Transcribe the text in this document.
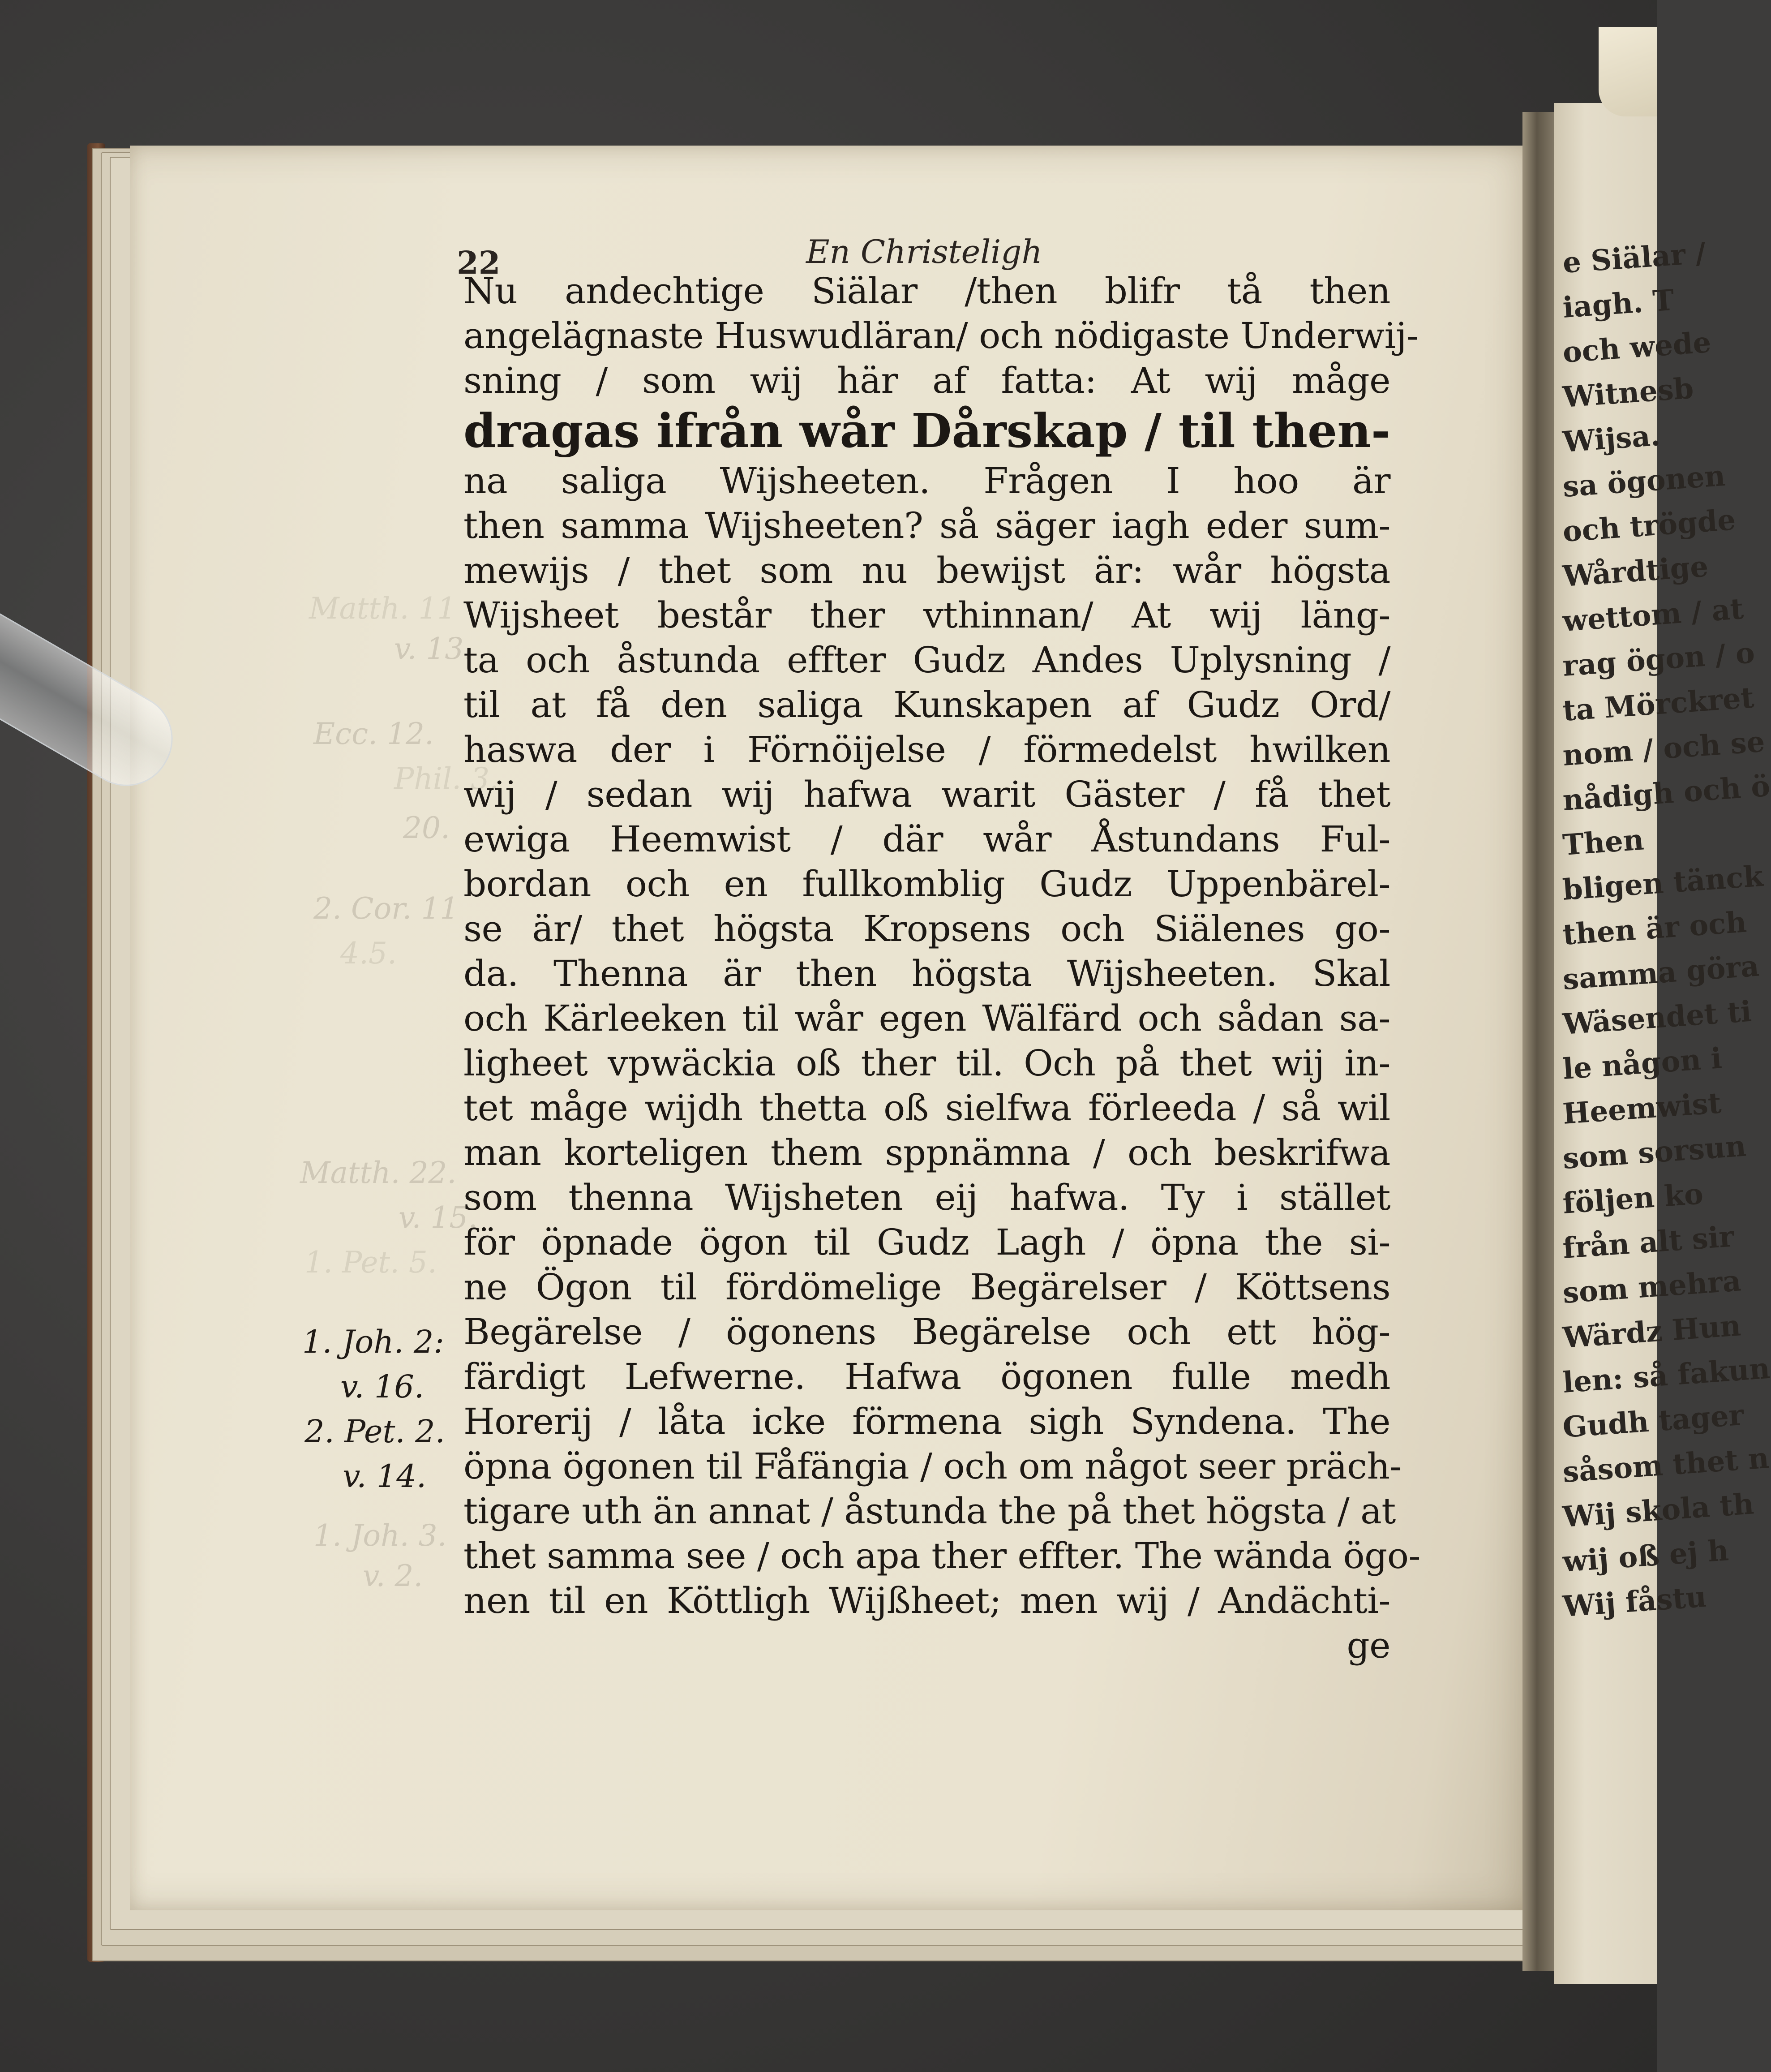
e Siälar /
iagh. T
och wede
Witnesb
Wijsa.
sa ögonen
och trögde
Wårdtige
wettom / at
rag ögon / o
ta Mörckret
nom / och se
nådigh och ö
Then
bligen tänck
then är och
samma göra
Wäsendet ti
le någon i
Heemwist
som sorsun
följen ko
från alt sir
som mehra
Wärdz Hun
len: så fakun
Gudh tager
såsom thet n
Wij skola th
wij oß ej h
Wij fåstu
Matth. 11
v. 13.
Ecc. 12.
Phil. 3.
20.
2. Cor. 11
4.5.
Matth. 22.
v. 15.
1. Pet. 5.
1. Joh. 3.
v. 2.
22	En Christeligh
Nu andechtige Siälar /then blifr tå then
angelägnaste Huswudläran/ och nödigaste Underwij-
sning / som wij här af fatta: At wij måge
dragas ifrån wår Dårskap / til then-
na saliga Wijsheeten. Frågen I hoo är
then samma Wijsheeten? så säger iagh eder sum-
mewijs / thet som nu bewijst är: wår högsta
Wijsheet består ther vthinnan/ At wij läng-
ta och åstunda effter Gudz Andes Uplysning /
til at få den saliga Kunskapen af Gudz Ord/
haswa der i Förnöijelse / förmedelst hwilken
wij / sedan wij hafwa warit Gäster / få thet
ewiga Heemwist / där wår Åstundans Ful-
bordan och en fullkomblig Gudz Uppenbärel-
se är/ thet högsta Kropsens och Siälenes go-
da. Thenna är then högsta Wijsheeten. Skal
och Kärleeken til wår egen Wälfärd och sådan sa-
ligheet vpwäckia oß ther til. Och på thet wij in-
tet måge wijdh thetta oß sielfwa förleeda / så wil
man korteligen them sppnämna / och beskrifwa
som thenna Wijsheten eij hafwa. Ty i stället
för öpnade ögon til Gudz Lagh / öpna the si-
ne Ögon til fördömelige Begärelser / Köttsens
Begärelse / ögonens Begärelse och ett hög-
färdigt Lefwerne. Hafwa ögonen fulle medh
Horerij / låta icke förmena sigh Syndena. The
öpna ögonen til Fåfängia / och om något seer präch-
tigare uth än annat / åstunda the på thet högsta / at
thet samma see / och apa ther effter. The wända ögo-
nen til en Köttligh Wijßheet; men wij / Andächti-
ge
1. Joh. 2:
v. 16.
2. Pet. 2.
v. 14.
